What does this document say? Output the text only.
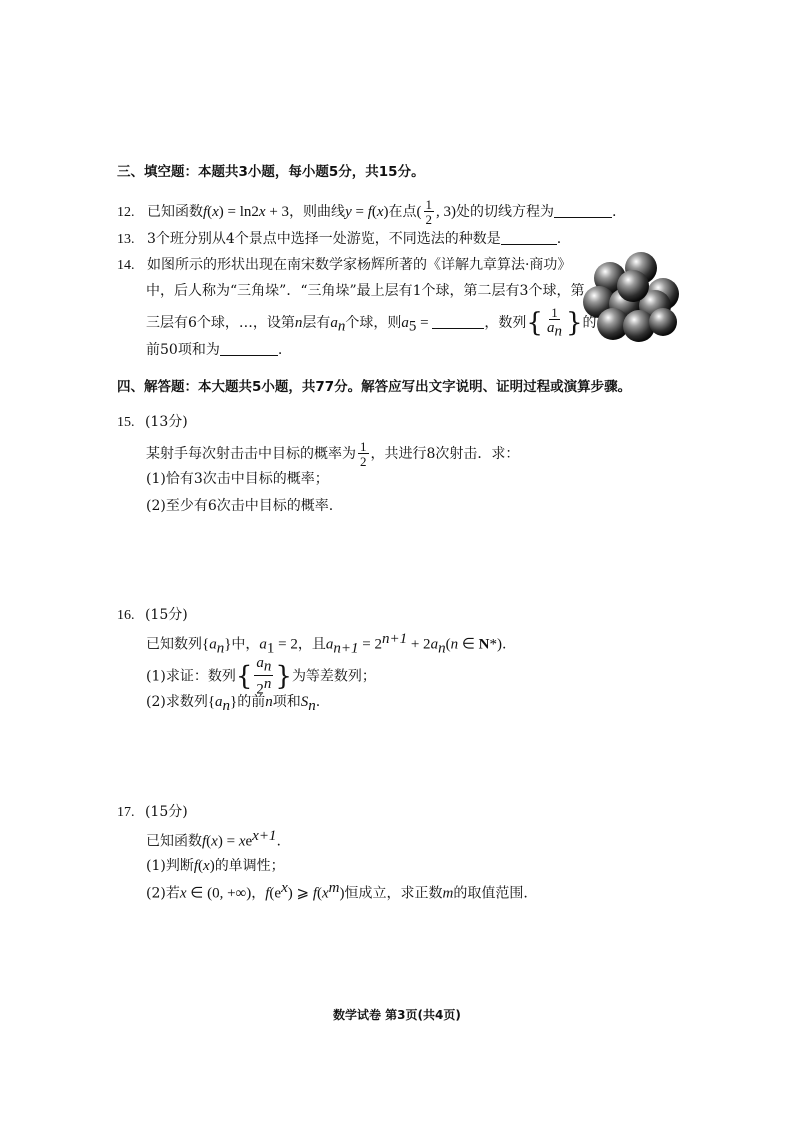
三、填空题：本题共3小题，每小题5分，共15分。
12. 已知函数f(x) = ln2x + 3，则曲线y = f(x)在点( $\frac{1}{2}$ , 3)处的切线方程为	.
13. 3个班分别从4个景点中选择一处游览，不同选法的种数是	.
14. 如图所示的形状出现在南宋数学家杨辉所著的《详解九章算法·商功》
中，后人称为“三角垛”．“三角垛”最上层有1个球，第二层有3个球，第
三层有6个球，…，设第n层有$a_n$个球，则$a_5$ =	，数列{ $\frac{1}{a_n}$ }的
前50项和为	.
四、解答题：本大题共5小题，共77分。解答应写出文字说明、证明过程或演算步骤。
15. (13分)
某射手每次射击击中目标的概率为 $\frac{1}{2}$ ，共进行8次射击．求：
(1)恰有3次击中目标的概率；
(2)至少有6次击中目标的概率.
16. (15分)
已知数列$\{a_n\}$中，$a_1 = 2$，且$a_{n+1} = 2^{n+1} + 2a_n(n$ ∈ N*).
(1)求证：数列{ $\frac{a_n}{2^n}$ }为等差数列；
(2)求数列$\{a_n\}$的前n项和$S_n$.
17. (15分)
已知函数$f(x) = xe^{x+1}$.
(1)判断f(x)的单调性；
(2)若x ∈ (0, +∞)，$f(e^x)$ ⩾ $f(x^m)$恒成立，求正数m的取值范围.
数学试卷 第3页(共4页)
